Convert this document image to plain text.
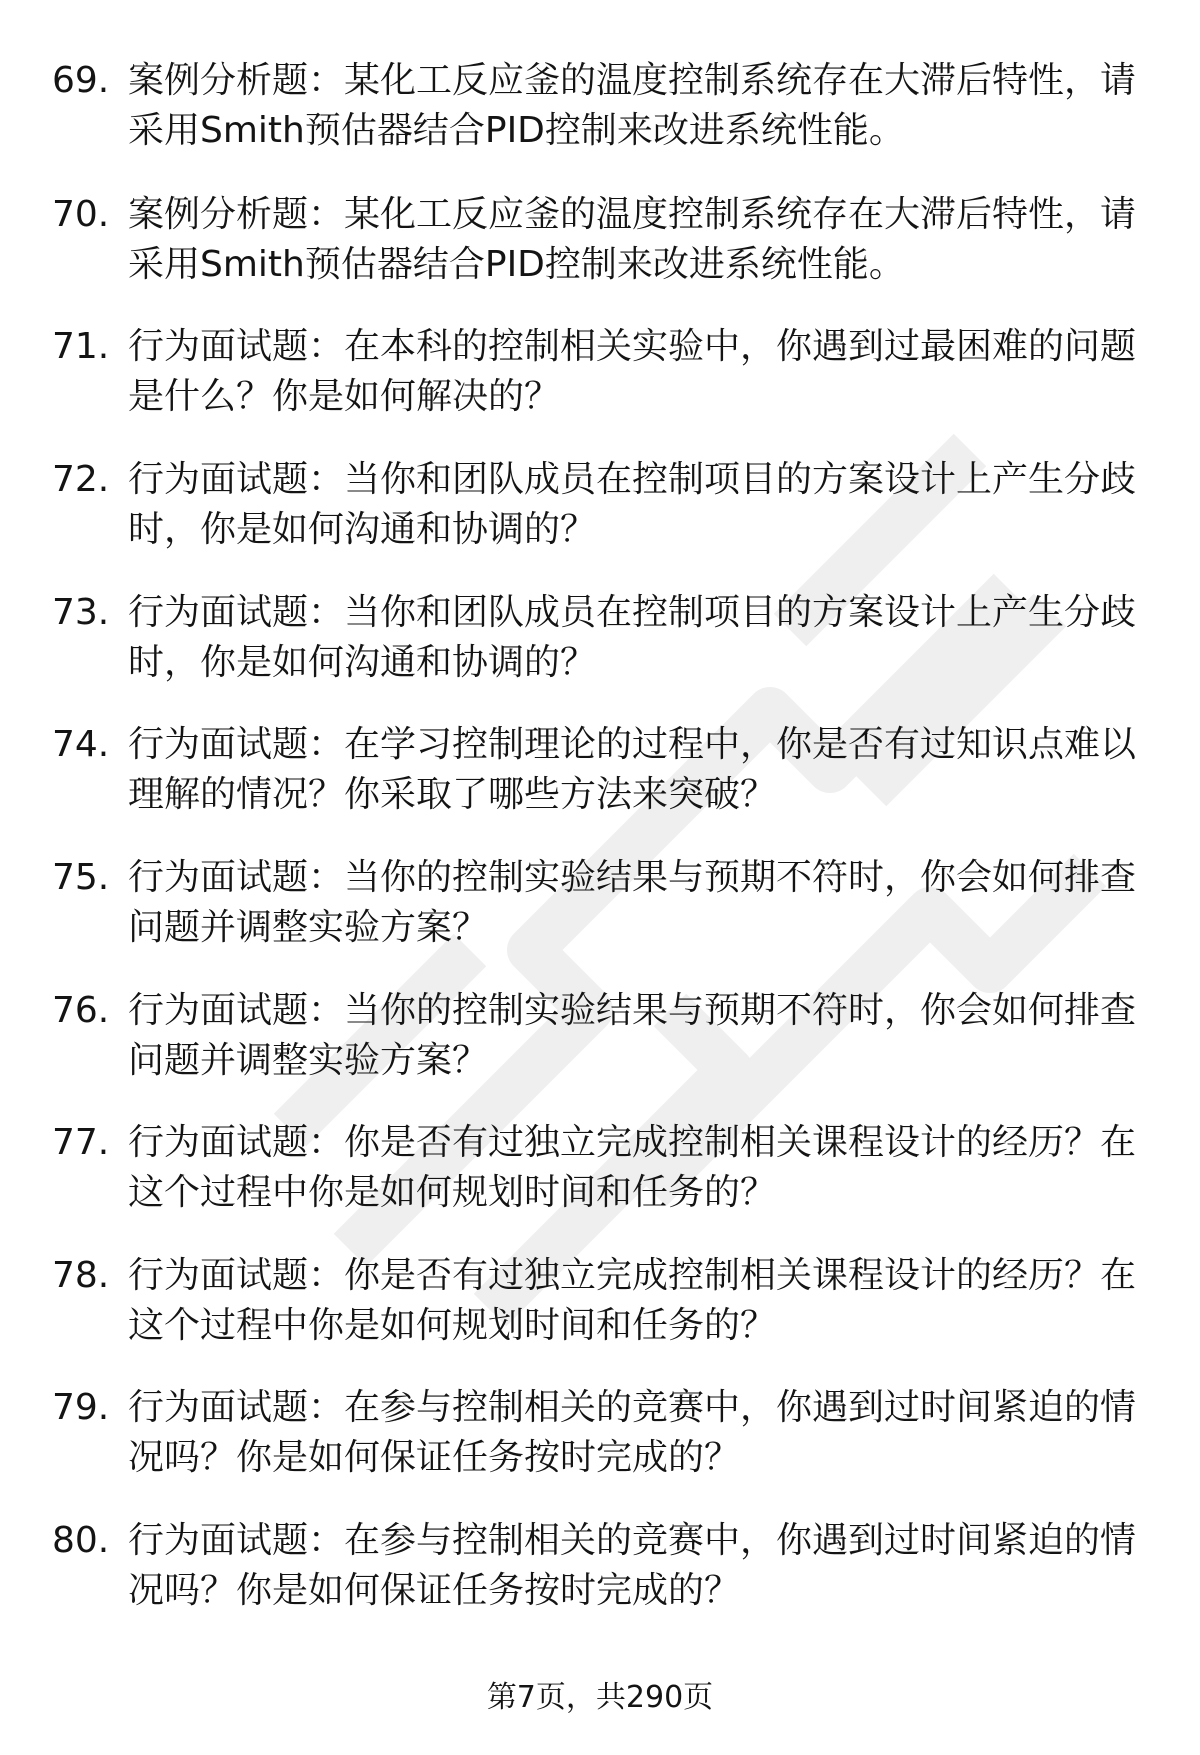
69. 案例分析题：某化工反应釜的温度控制系统存在大滞后特性，请采用Smith预估器结合PID控制来改进系统性能。
70. 案例分析题：某化工反应釜的温度控制系统存在大滞后特性，请采用Smith预估器结合PID控制来改进系统性能。
71. 行为面试题：在本科的控制相关实验中，你遇到过最困难的问题是什么？你是如何解决的？
72. 行为面试题：当你和团队成员在控制项目的方案设计上产生分歧时，你是如何沟通和协调的？
73. 行为面试题：当你和团队成员在控制项目的方案设计上产生分歧时，你是如何沟通和协调的？
74. 行为面试题：在学习控制理论的过程中，你是否有过知识点难以理解的情况？你采取了哪些方法来突破？
75. 行为面试题：当你的控制实验结果与预期不符时，你会如何排查问题并调整实验方案？
76. 行为面试题：当你的控制实验结果与预期不符时，你会如何排查问题并调整实验方案？
77. 行为面试题：你是否有过独立完成控制相关课程设计的经历？在这个过程中你是如何规划时间和任务的？
78. 行为面试题：你是否有过独立完成控制相关课程设计的经历？在这个过程中你是如何规划时间和任务的？
79. 行为面试题：在参与控制相关的竞赛中，你遇到过时间紧迫的情况吗？你是如何保证任务按时完成的？
80. 行为面试题：在参与控制相关的竞赛中，你遇到过时间紧迫的情况吗？你是如何保证任务按时完成的？
第7页，共290页
